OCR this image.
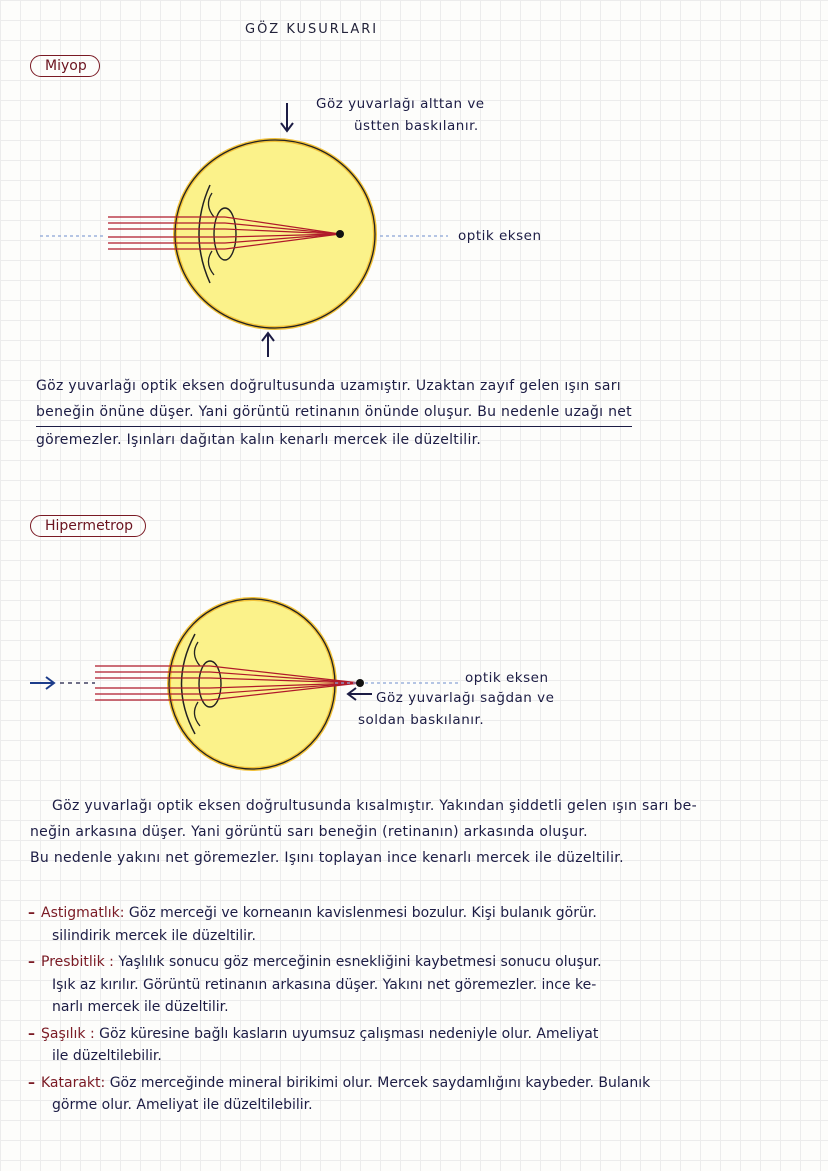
GÖZ KUSURLARI
Miyop
Göz yuvarlağı alttan ve
üstten baskılanır.
optik eksen
Göz yuvarlağı optik eksen doğrultusunda uzamıştır. Uzaktan zayıf gelen ışın sarı
beneğin önüne düşer. Yani görüntü retinanın önünde oluşur. Bu nedenle uzağı net
göremezler. Işınları dağıtan kalın kenarlı mercek ile düzeltilir.
Hipermetrop
optik eksen
Göz yuvarlağı sağdan ve
soldan baskılanır.
Göz yuvarlağı optik eksen doğrultusunda kısalmıştır. Yakından şiddetli gelen ışın sarı be-
neğin arkasına düşer. Yani görüntü sarı beneğin (retinanın) arkasında oluşur.
Bu nedenle yakını net göremezler. Işını toplayan ince kenarlı mercek ile düzeltilir.
– Astigmatlık: Göz merceği ve korneanın kavislenmesi bozulur. Kişi bulanık görür.
silindirik mercek ile düzeltilir.
– Presbitlik : Yaşlılık sonucu göz merceğinin esnekliğini kaybetmesi sonucu oluşur.
Işık az kırılır. Görüntü retinanın arkasına düşer. Yakını net göremezler. ince ke-
narlı mercek ile düzeltilir.
– Şaşılık : Göz küresine bağlı kasların uyumsuz çalışması nedeniyle olur. Ameliyat
ile düzeltilebilir.
– Katarakt: Göz merceğinde mineral birikimi olur. Mercek saydamlığını kaybeder. Bulanık
görme olur. Ameliyat ile düzeltilebilir.
